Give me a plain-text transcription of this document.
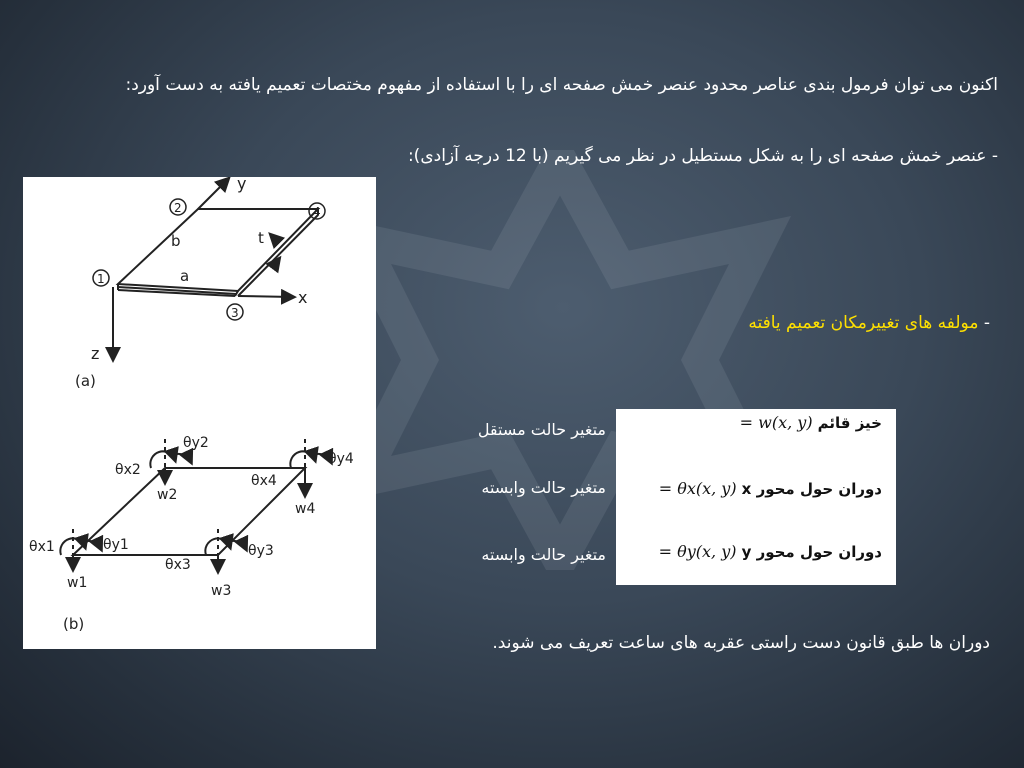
اکنون می توان فرمول بندی عناصر محدود عنصر خمش صفحه ای را با استفاده از مفهوم مختصات تعمیم یافته به دست آورد:
- عنصر خمش صفحه ای را به شکل مستطیل در نظر می گیریم (با 12 درجه آزادی):
- مولفه های تغییرمکان تعمیم یافته
متغیر حالت مستقل
متغیر حالت وابسته
متغیر حالت وابسته
خیز قائم = w(x, y)
دوران حول محور x = θx(x, y)
دوران حول محور y = θy(x, y)
دوران ها طبق قانون دست راستی عقربه های ساعت تعریف می شوند.
y
x
z
a
b	t
1
2
3
4
(a)
θx1	θy1
w1
θx2
θy2
w2
θx3
θy3
w3
θx4
θy4
w4
(b)
